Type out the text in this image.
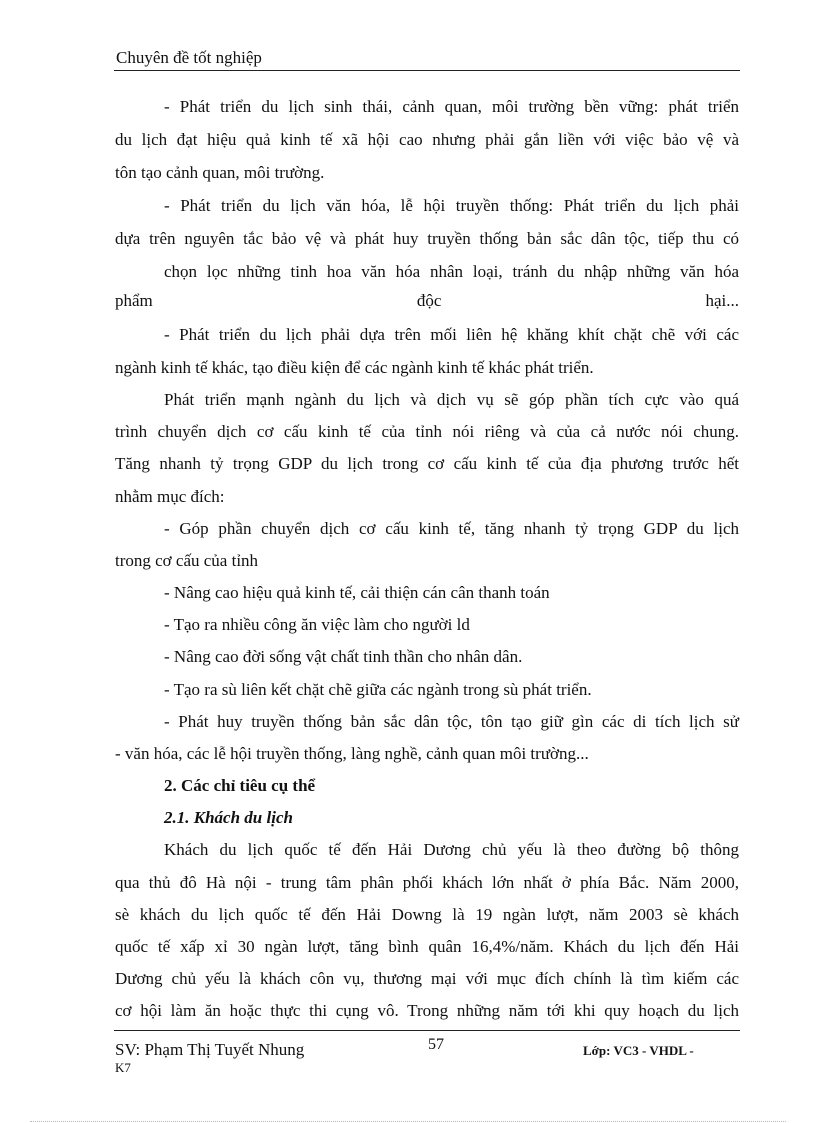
Chuyên đề tốt nghiệp
- Phát triển du lịch sinh thái, cảnh quan, môi trường bền vững: phát triển
du lịch đạt hiệu quả kinh tế xã hội cao nhưng phải gắn liền với việc bảo vệ và
tôn tạo cảnh quan, môi trường.
- Phát triển du lịch văn hóa, lễ hội truyền thống: Phát triển du lịch phải
dựa trên nguyên tắc bảo vệ và phát huy truyền thống bản sắc dân tộc, tiếp thu có
chọn lọc những tinh hoa văn hóa nhân loại, tránh du nhập những văn hóa
phẩm độc hại...
- Phát triển du lịch phải dựa trên mối liên hệ khăng khít chặt chẽ với các
ngành kinh tế khác, tạo điều kiện để các ngành kinh tế khác phát triển.
Phát triển mạnh ngành du lịch và dịch vụ sẽ góp phần tích cực vào quá
trình chuyển dịch cơ cấu kinh tế của tỉnh nói riêng và của cả nước nói chung.
Tăng nhanh tỷ trọng GDP du lịch trong cơ cấu kinh tế của địa phương trước hết
nhằm mục đích:
- Góp phần chuyển dịch cơ cấu kinh tế, tăng nhanh tỷ trọng GDP du lịch
trong cơ cấu của tỉnh
- Nâng cao hiệu quả kinh tế, cải thiện cán cân thanh toán
- Tạo ra nhiều công ăn việc làm cho người ld
- Nâng cao đời sống vật chất tinh thần cho nhân dân.
- Tạo ra sù liên kết chặt chẽ giữa các ngành trong sù phát triển.
- Phát huy truyền thống bản sắc dân tộc, tôn tạo giữ gìn các di tích lịch sử
- văn hóa, các lễ hội truyền thống, làng nghề, cảnh quan môi trường...
2. Các chỉ tiêu cụ thể
2.1. Khách du lịch
Khách du lịch quốc tế đến Hải Dương chủ yếu là theo đường bộ thông
qua thủ đô Hà nội - trung tâm phân phối khách lớn nhất ở phía Bắc. Năm 2000,
sè khách du lịch quốc tế đến Hải Downg là 19 ngàn lượt, năm 2003 sè khách
quốc tế xấp xỉ 30 ngàn lượt, tăng bình quân 16,4%/năm. Khách du lịch đến Hải
Dương chủ yếu là khách côn vụ, thương mại với mục đích chính là tìm kiếm các
cơ hội làm ăn hoặc thực thi cụng vô. Trong những năm tới khi quy hoạch du lịch
SV: Phạm Thị Tuyết Nhung
K7
57	Lớp: VC3 - VHDL -
